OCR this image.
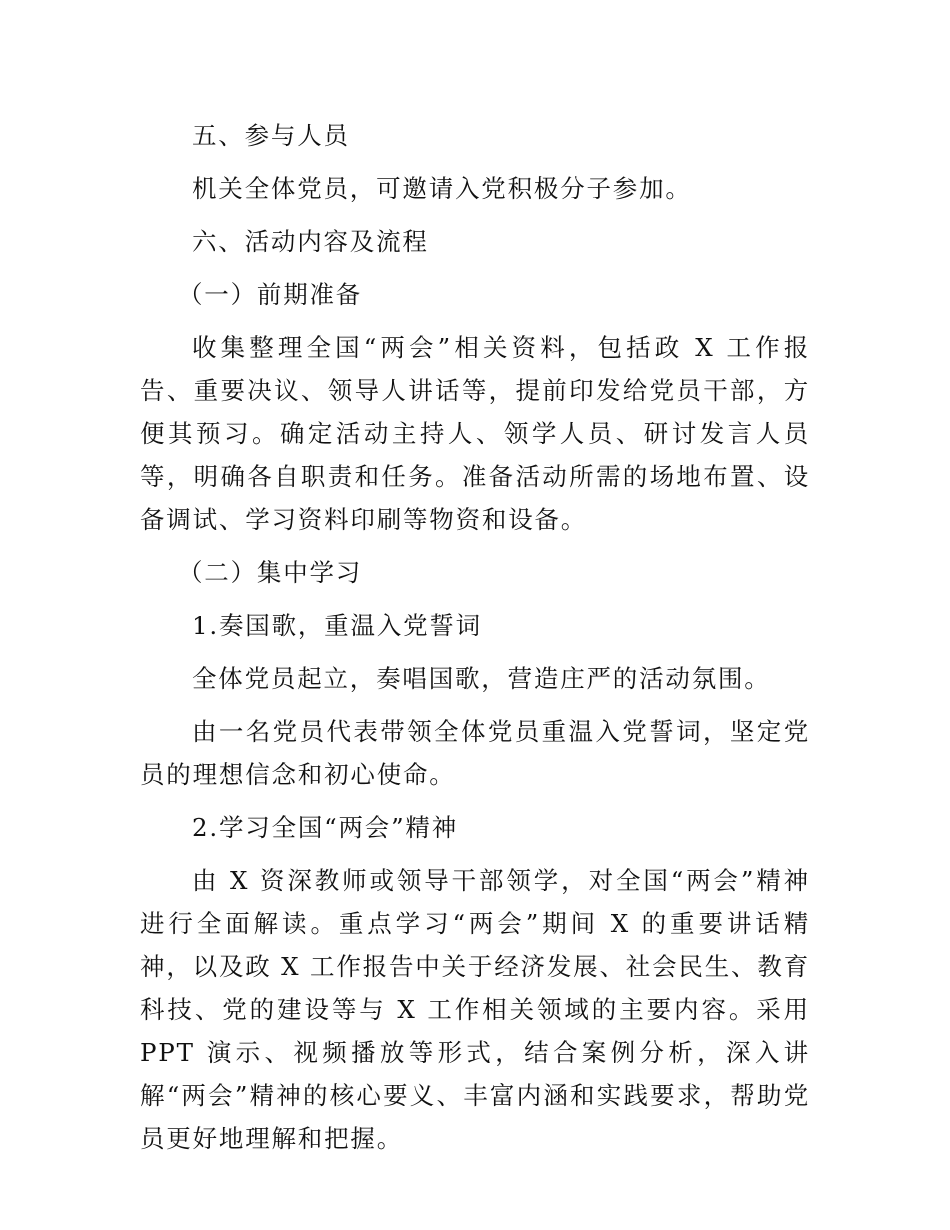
五、参与人员

机关全体党员，可邀请入党积极分子参加。

六、活动内容及流程

（一）前期准备

收集整理全国“两会”相关资料，包括政 X 工作报告、重要决议、领导人讲话等，提前印发给党员干部，方便其预习。确定活动主持人、领学人员、研讨发言人员等，明确各自职责和任务。准备活动所需的场地布置、设备调试、学习资料印刷等物资和设备。

（二）集中学习

1.奏国歌，重温入党誓词

全体党员起立，奏唱国歌，营造庄严的活动氛围。

由一名党员代表带领全体党员重温入党誓词，坚定党员的理想信念和初心使命。

2.学习全国“两会”精神

由 X 资深教师或领导干部领学，对全国“两会”精神进行全面解读。重点学习“两会”期间 X 的重要讲话精神，以及政 X 工作报告中关于经济发展、社会民生、教育科技、党的建设等与 X 工作相关领域的主要内容。采用 PPT 演示、视频播放等形式，结合案例分析，深入讲解“两会”精神的核心要义、丰富内涵和实践要求，帮助党员更好地理解和把握。
